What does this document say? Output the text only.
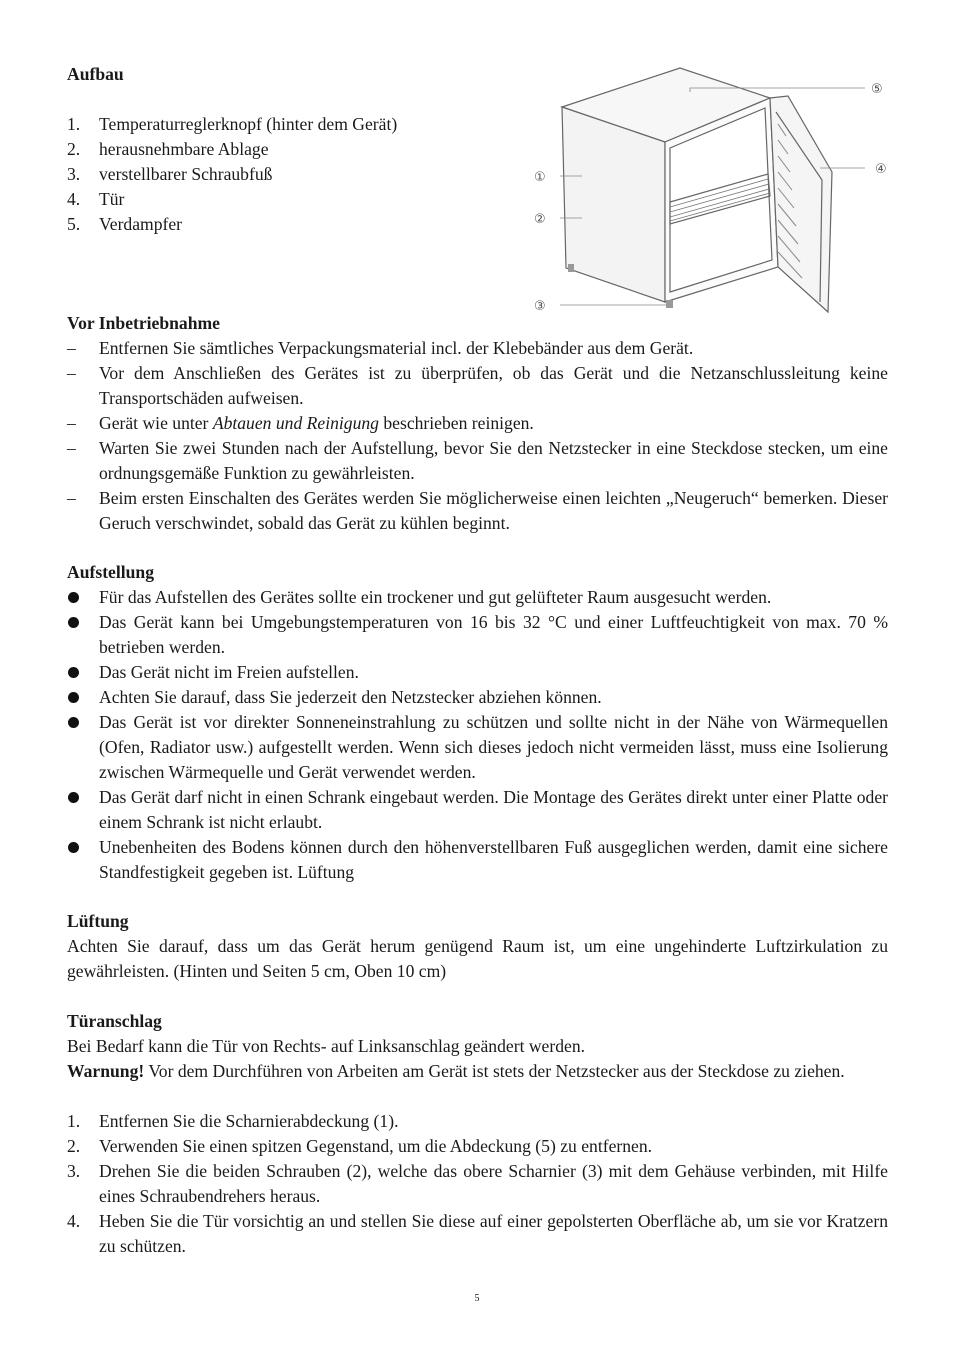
Aufbau
1. Temperaturreglerknopf (hinter dem Gerät)
2. herausnehmbare Ablage
3. verstellbarer Schraubfuß
4. Tür
5. Verdampfer
①
②
③
④
⑤
Vor Inbetriebnahme
– Entfernen Sie sämtliches Verpackungsmaterial incl. der Klebebänder aus dem Gerät.
– Vor dem Anschließen des Gerätes ist zu überprüfen, ob das Gerät und die Netzanschlussleitung keine Transportschäden aufweisen.
– Gerät wie unter Abtauen und Reinigung beschrieben reinigen.
– Warten Sie zwei Stunden nach der Aufstellung, bevor Sie den Netzstecker in eine Steckdose stecken, um eine ordnungsgemäße Funktion zu gewährleisten.
– Beim ersten Einschalten des Gerätes werden Sie möglicherweise einen leichten „Neugeruch“ bemerken. Dieser Geruch verschwindet, sobald das Gerät zu kühlen beginnt.
Aufstellung
Für das Aufstellen des Gerätes sollte ein trockener und gut gelüfteter Raum ausgesucht werden.
Das Gerät kann bei Umgebungstemperaturen von 16 bis 32 °C und einer Luftfeuchtigkeit von max. 70 % betrieben werden.
Das Gerät nicht im Freien aufstellen.
Achten Sie darauf, dass Sie jederzeit den Netzstecker abziehen können.
Das Gerät ist vor direkter Sonneneinstrahlung zu schützen und sollte nicht in der Nähe von Wärmequellen (Ofen, Radiator usw.) aufgestellt werden. Wenn sich dieses jedoch nicht vermeiden lässt, muss eine Isolierung zwischen Wärmequelle und Gerät verwendet werden.
Das Gerät darf nicht in einen Schrank eingebaut werden. Die Montage des Gerätes direkt unter einer Platte oder einem Schrank ist nicht erlaubt.
Unebenheiten des Bodens können durch den höhenverstellbaren Fuß ausgeglichen werden, damit eine sichere Standfestigkeit gegeben ist. Lüftung
Lüftung
Achten Sie darauf, dass um das Gerät herum genügend Raum ist, um eine ungehinderte Luftzirkulation zu gewährleisten. (Hinten und Seiten 5 cm, Oben 10 cm)
Türanschlag
Bei Bedarf kann die Tür von Rechts- auf Linksanschlag geändert werden.
Warnung! Vor dem Durchführen von Arbeiten am Gerät ist stets der Netzstecker aus der Steckdose zu ziehen.
1. Entfernen Sie die Scharnierabdeckung (1).
2. Verwenden Sie einen spitzen Gegenstand, um die Abdeckung (5) zu entfernen.
3. Drehen Sie die beiden Schrauben (2), welche das obere Scharnier (3) mit dem Gehäuse verbinden, mit Hilfe eines Schraubendrehers heraus.
4. Heben Sie die Tür vorsichtig an und stellen Sie diese auf einer gepolsterten Oberfläche ab, um sie vor Kratzern zu schützen.
5
